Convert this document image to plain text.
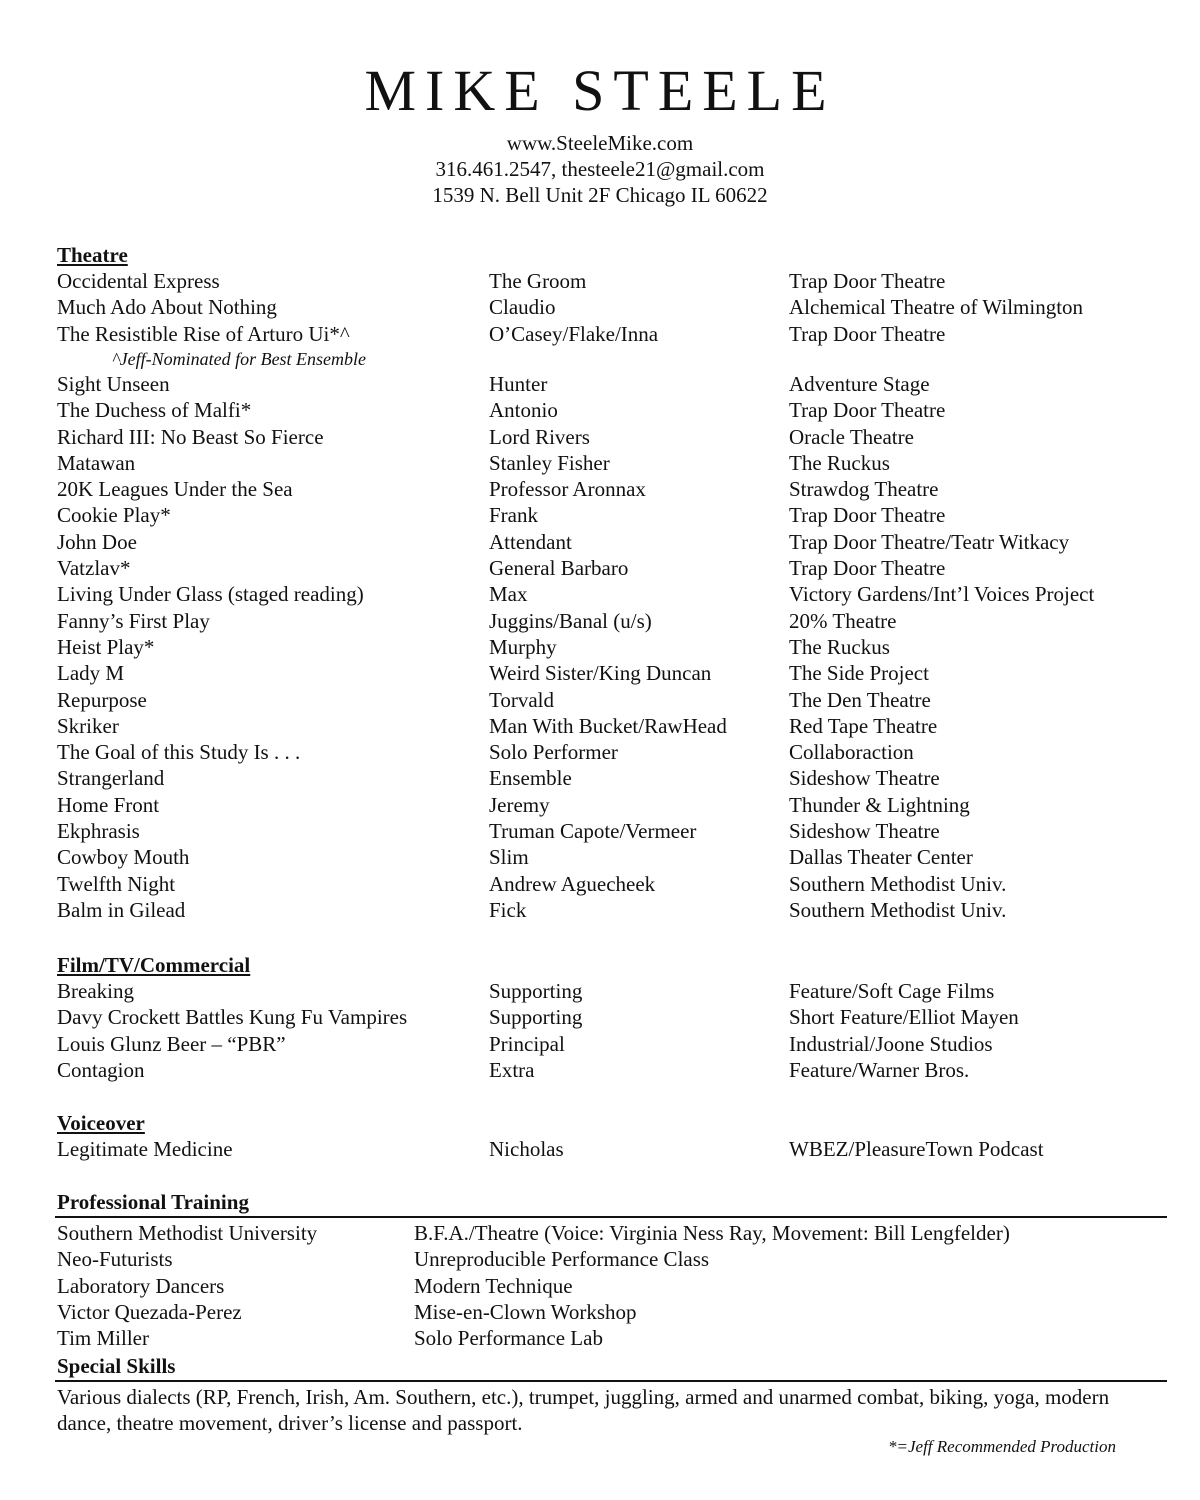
MIKE STEELE
www.SteeleMike.com
316.461.2547, thesteele21@gmail.com
1539 N. Bell Unit 2F Chicago IL 60622
Theatre
Occidental Express	The Groom	Trap Door Theatre
Much Ado About Nothing	Claudio	Alchemical Theatre of Wilmington
The Resistible Rise of Arturo Ui*^	O’Casey/Flake/Inna	Trap Door Theatre
Sight Unseen	Hunter	Adventure Stage
The Duchess of Malfi*	Antonio	Trap Door Theatre
Richard III: No Beast So Fierce	Lord Rivers	Oracle Theatre
Matawan	Stanley Fisher	The Ruckus
20K Leagues Under the Sea	Professor Aronnax	Strawdog Theatre
Cookie Play*	Frank	Trap Door Theatre
John Doe	Attendant	Trap Door Theatre/Teatr Witkacy
Vatzlav*	General Barbaro	Trap Door Theatre
Living Under Glass (staged reading)	Max	Victory Gardens/Int’l Voices Project
Fanny’s First Play	Juggins/Banal (u/s)	20% Theatre
Heist Play*	Murphy	The Ruckus
Lady M	Weird Sister/King Duncan	The Side Project
Repurpose	Torvald	The Den Theatre
Skriker	Man With Bucket/RawHead	Red Tape Theatre
The Goal of this Study Is . . .	Solo Performer	Collaboraction
Strangerland	Ensemble	Sideshow Theatre
Home Front	Jeremy	Thunder & Lightning
Ekphrasis	Truman Capote/Vermeer	Sideshow Theatre
Cowboy Mouth	Slim	Dallas Theater Center
Twelfth Night	Andrew Aguecheek	Southern Methodist Univ.
Balm in Gilead	Fick	Southern Methodist Univ.
^Jeff-Nominated for Best Ensemble
Film/TV/Commercial
Breaking	Supporting	Feature/Soft Cage Films
Davy Crockett Battles Kung Fu Vampires	Supporting	Short Feature/Elliot Mayen
Louis Glunz Beer – “PBR”	Principal	Industrial/Joone Studios
Contagion	Extra	Feature/Warner Bros.
Voiceover
Legitimate Medicine	Nicholas	WBEZ/PleasureTown Podcast
Professional Training
Southern Methodist University	B.F.A./Theatre (Voice: Virginia Ness Ray, Movement: Bill Lengfelder)
Neo-Futurists	Unreproducible Performance Class
Laboratory Dancers	Modern Technique
Victor Quezada-Perez	Mise-en-Clown Workshop
Tim Miller	Solo Performance Lab
Special Skills
Various dialects (RP, French, Irish, Am. Southern, etc.), trumpet, juggling, armed and unarmed combat, biking, yoga, modern dance, theatre movement, driver’s license and passport.
*=Jeff Recommended Production
